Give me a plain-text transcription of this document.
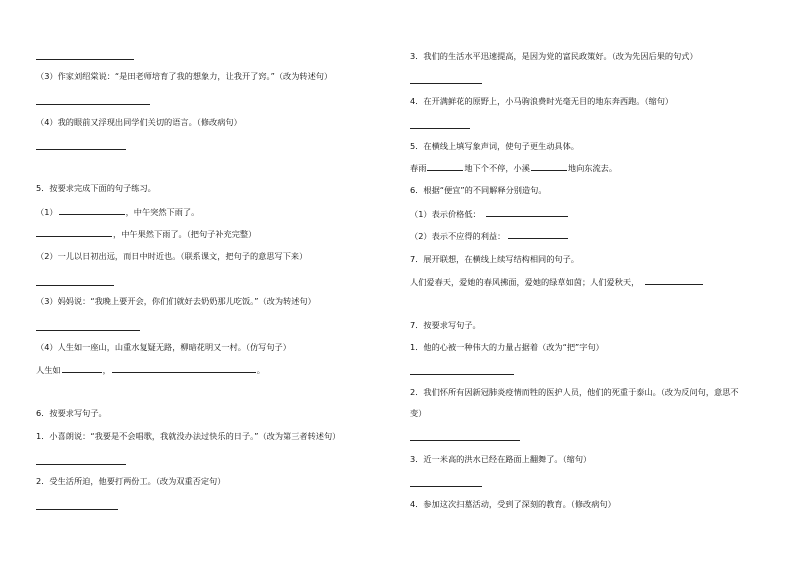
（3）作家刘绍棠说：“是田老师培育了我的想象力，让我开了窍。”（改为转述句）
（4）我的眼前又浮现出同学们关切的语言。（修改病句）
5．按要求完成下面的句子练习。
（1）	，中午突然下雨了。
，中午果然下雨了。（把句子补充完整）
（2）一儿以日初出远，而日中时近也。（联系课文，把句子的意思写下来）
（3）妈妈说：“我晚上要开会，你们们就好去奶奶那儿吃饭。”（改为转述句）
（4）人生如一座山，山重水复疑无路，柳暗花明又一村。（仿写句子）
人生如	，	。
6．按要求写句子。
1．小喜朗说：“我要是不会唱歌，我就没办法过快乐的日子。”（改为第三者转述句）
2．受生活所迫，他要打两份工。（改为双重否定句）
3．我们的生活水平迅速提高，是因为党的富民政策好。（改为先因后果的句式）
4．在开满鲜花的原野上，小马驹浪费时光毫无目的地东奔西跑。（缩句）
5．在横线上填写象声词，使句子更生动具体。
春雨	地下个不停，小溪	地向东流去。
6．根据“便宜”的不同解释分别造句。
（1）表示价格低：
（2）表示不应得的利益：
7．展开联想，在横线上续写结构相同的句子。
人们爱春天，爱她的春风拂面，爱她的绿草如茵；人们爱秋天，
7．按要求写句子。
1．他的心被一种伟大的力量占据着（改为“把”字句）
2．我们怀所有因新冠肺炎疫情而牲的医护人员，他们的死重于泰山。（改为反问句，意思不
变）
3．近一米高的洪水已经在路面上翻舞了。（缩句）
4．参加这次扫墓活动，受到了深刻的教育。（修改病句）
